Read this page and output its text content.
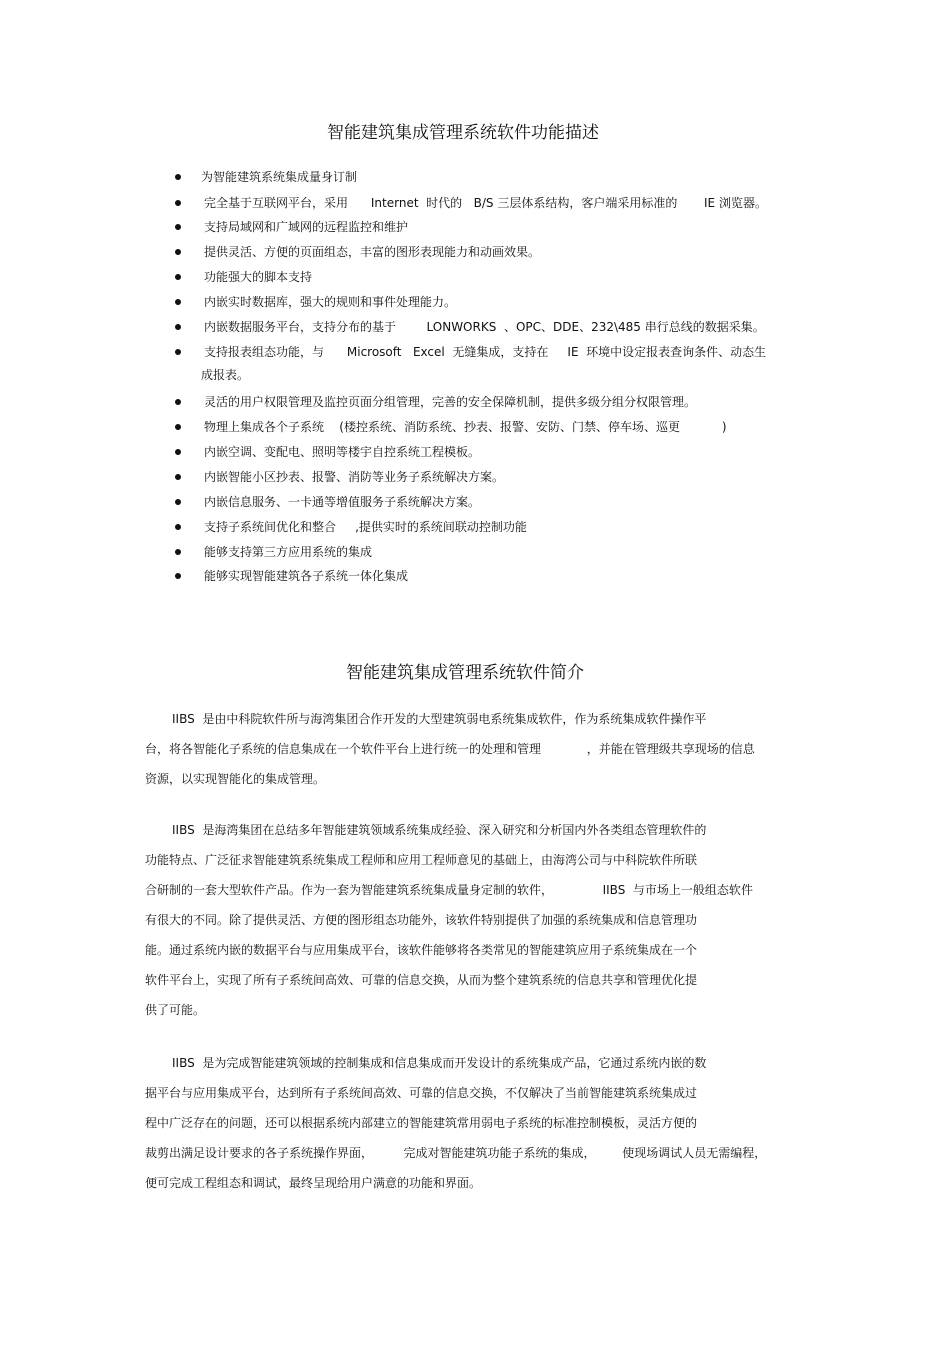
智能建筑集成管理系统软件功能描述
为智能建筑系统集成量身订制
完全基于互联网平台，采用      Internet  时代的   B/S 三层体系结构，客户端采用标准的       IE 浏览器。
支持局域网和广域网的远程监控和维护
提供灵活、方便的页面组态，丰富的图形表现能力和动画效果。
功能强大的脚本支持
内嵌实时数据库，强大的规则和事件处理能力。
内嵌数据服务平台，支持分布的基于        LONWORKS  、OPC、DDE、232\485 串行总线的数据采集。
支持报表组态功能，与      Microsoft   Excel  无缝集成，支持在     IE  环境中设定报表查询条件、动态生
成报表。
灵活的用户权限管理及监控页面分组管理，完善的安全保障机制，提供多级分组分权限管理。
物理上集成各个子系统    (楼控系统、消防系统、抄表、报警、安防、门禁、停车场、巡更           )
内嵌空调、变配电、照明等楼宇自控系统工程模板。
内嵌智能小区抄表、报警、消防等业务子系统解决方案。
内嵌信息服务、一卡通等增值服务子系统解决方案。
支持子系统间优化和整合     ,提供实时的系统间联动控制功能
能够支持第三方应用系统的集成
能够实现智能建筑各子系统一体化集成
智能建筑集成管理系统软件简介
IIBS  是由中科院软件所与海湾集团合作开发的大型建筑弱电系统集成软件，作为系统集成软件操作平
台，将各智能化子系统的信息集成在一个软件平台上进行统一的处理和管理            ，并能在管理级共享现场的信息
资源，以实现智能化的集成管理。
IIBS  是海湾集团在总结多年智能建筑领域系统集成经验、深入研究和分析国内外各类组态管理软件的
功能特点、广泛征求智能建筑系统集成工程师和应用工程师意见的基础上，由海湾公司与中科院软件所联
合研制的一套大型软件产品。作为一套为智能建筑系统集成量身定制的软件，             IIBS  与市场上一般组态软件
有很大的不同。除了提供灵活、方便的图形组态功能外，该软件特别提供了加强的系统集成和信息管理功
能。通过系统内嵌的数据平台与应用集成平台，该软件能够将各类常见的智能建筑应用子系统集成在一个
软件平台上，实现了所有子系统间高效、可靠的信息交换，从而为整个建筑系统的信息共享和管理优化提
供了可能。
IIBS  是为完成智能建筑领域的控制集成和信息集成而开发设计的系统集成产品，它通过系统内嵌的数
据平台与应用集成平台，达到所有子系统间高效、可靠的信息交换，不仅解决了当前智能建筑系统集成过
程中广泛存在的问题，还可以根据系统内部建立的智能建筑常用弱电子系统的标准控制模板，灵活方便的
裁剪出满足设计要求的各子系统操作界面，        完成对智能建筑功能子系统的集成，       使现场调试人员无需编程，
便可完成工程组态和调试，最终呈现给用户满意的功能和界面。
